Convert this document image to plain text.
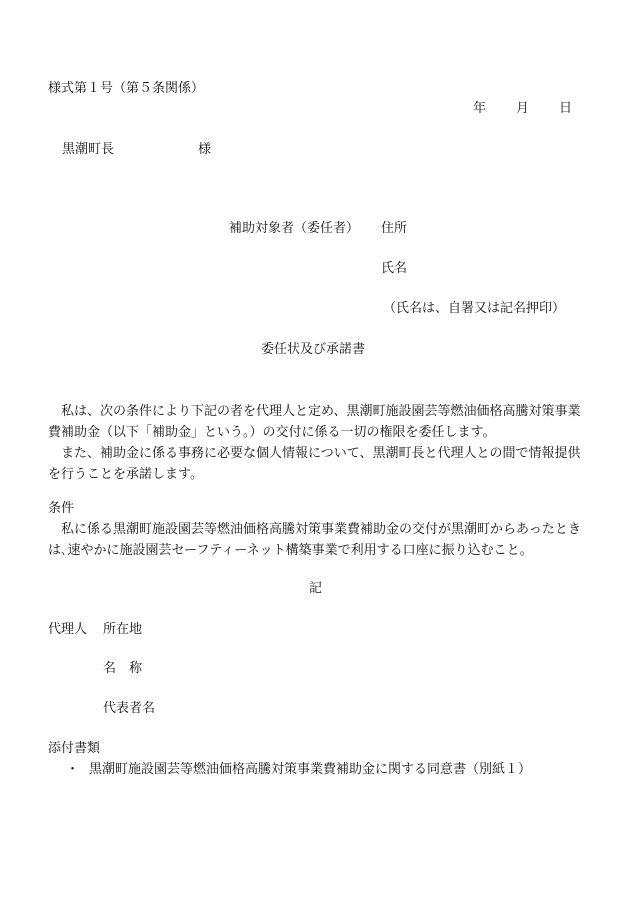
様式第１号（第５条関係）
年 月 日
黒潮町長	様
補助対象者（委任者） 住所
氏名
（氏名は、自署又は記名押印）
委任状及び承諾書

　私は、次の条件により下記の者を代理人と定め、黒潮町施設園芸等燃油価格高騰対策事業費補助金（以下「補助金」という。）の交付に係る一切の権限を委任します。

　また、補助金に係る事務に必要な個人情報について、黒潮町長と代理人との間で情報提供を行うことを承諾します。

条件
　私に係る黒潮町施設園芸等燃油価格高騰対策事業費補助金の交付が黒潮町からあったときは､速やかに施設園芸セーフティーネット構築事業で利用する口座に振り込むこと。
記
代理人 所在地
名　称
代表者名
添付書類
・ 黒潮町施設園芸等燃油価格高騰対策事業費補助金に関する同意書（別紙１）
